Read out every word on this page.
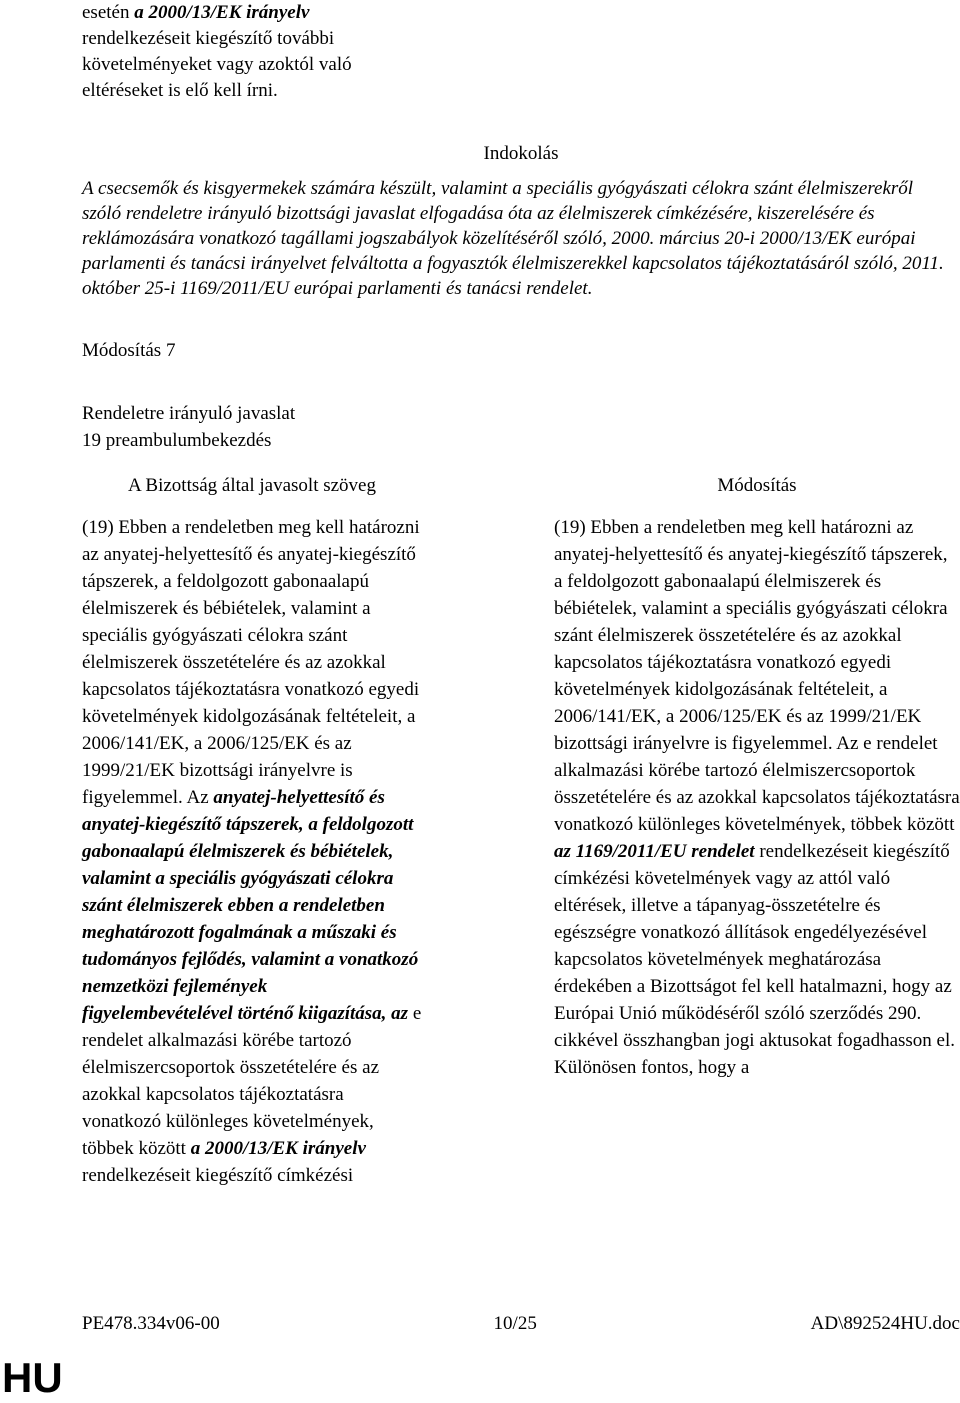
esetén a 2000/13/EK irányelv rendelkezéseit kiegészítő további követelményeket vagy azoktól való eltéréseket is elő kell írni.

Indokolás

A csecsemők és kisgyermekek számára készült, valamint a speciális gyógyászati célokra szánt élelmiszerekről szóló rendeletre irányuló bizottsági javaslat elfogadása óta az élelmiszerek címkézésére, kiszerelésére és reklámozására vonatkozó tagállami jogszabályok közelítéséről szóló, 2000. március 20-i 2000/13/EK európai parlamenti és tanácsi irányelvet felváltotta a fogyasztók élelmiszerekkel kapcsolatos tájékoztatásáról szóló, 2011. október 25-i 1169/2011/EU európai parlamenti és tanácsi rendelet.

Módosítás 7

Rendeletre irányuló javaslat

19 preambulumbekezdés

A Bizottság által javasolt szöveg

(19) Ebben a rendeletben meg kell határozni az anyatej-helyettesítő és anyatej-kiegészítő tápszerek, a feldolgozott gabonaalapú élelmiszerek és bébiételek, valamint a speciális gyógyászati célokra szánt élelmiszerek összetételére és az azokkal kapcsolatos tájékoztatásra vonatkozó egyedi követelmények kidolgozásának feltételeit, a 2006/141/EK, a 2006/125/EK és az 1999/21/EK bizottsági irányelvre is figyelemmel. Az anyatej-helyettesítő és anyatej-kiegészítő tápszerek, a feldolgozott gabonaalapú élelmiszerek és bébiételek, valamint a speciális gyógyászati célokra szánt élelmiszerek ebben a rendeletben meghatározott fogalmának a műszaki és tudományos fejlődés, valamint a vonatkozó nemzetközi fejlemények figyelembevételével történő kiigazítása, az e rendelet alkalmazási körébe tartozó élelmiszercsoportok összetételére és az azokkal kapcsolatos tájékoztatásra vonatkozó különleges követelmények, többek között a 2000/13/EK irányelv rendelkezéseit kiegészítő címkézési

Módosítás

(19) Ebben a rendeletben meg kell határozni az anyatej-helyettesítő és anyatej-kiegészítő tápszerek, a feldolgozott gabonaalapú élelmiszerek és bébiételek, valamint a speciális gyógyászati célokra szánt élelmiszerek összetételére és az azokkal kapcsolatos tájékoztatásra vonatkozó egyedi követelmények kidolgozásának feltételeit, a 2006/141/EK, a 2006/125/EK és az 1999/21/EK bizottsági irányelvre is figyelemmel. Az e rendelet alkalmazási körébe tartozó élelmiszercsoportok összetételére és az azokkal kapcsolatos tájékoztatásra vonatkozó különleges követelmények, többek között az 1169/2011/EU rendelet rendelkezéseit kiegészítő címkézési követelmények vagy az attól való eltérések, illetve a tápanyag-összetételre és egészségre vonatkozó állítások engedélyezésével kapcsolatos követelmények meghatározása érdekében a Bizottságot fel kell hatalmazni, hogy az Európai Unió működéséről szóló szerződés 290. cikkével összhangban jogi aktusokat fogadhasson el. Különösen fontos, hogy a

PE478.334v06-00	10/25	AD\892524HU.doc
HU
